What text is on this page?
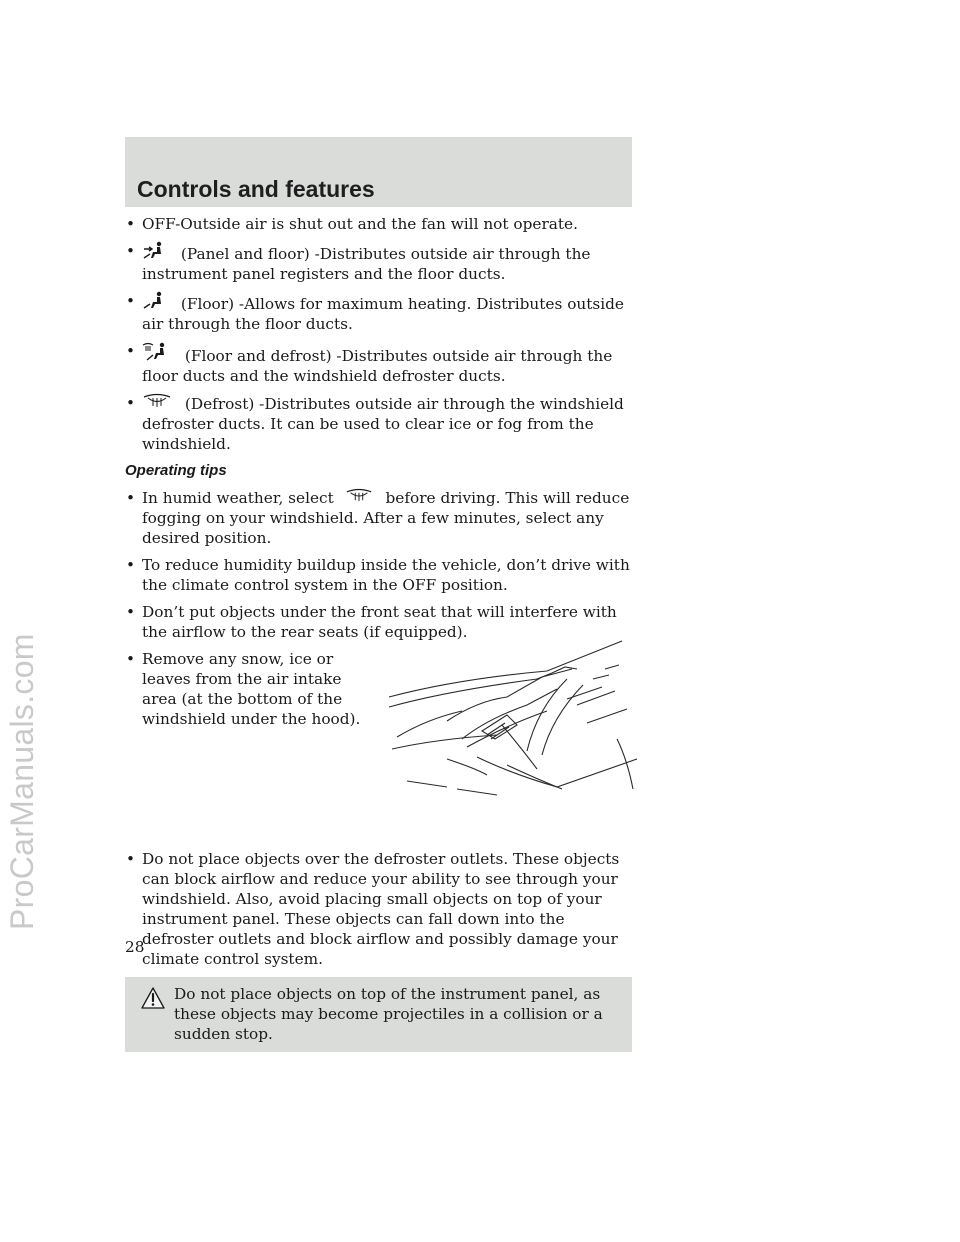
ProCarManuals.com
Controls and features
• OFF-Outside air is shut out and the fan will not operate.
•	(Panel and floor) -Distributes outside air through the instrument panel registers and the floor ducts.
•	(Floor) -Allows for maximum heating. Distributes outside air through the floor ducts.
•	(Floor and defrost) -Distributes outside air through the floor ducts and the windshield defroster ducts.
•	(Defrost) -Distributes outside air through the windshield defroster ducts. It can be used to clear ice or fog from the windshield.
Operating tips
• In humid weather, select	before driving. This will reduce fogging on your windshield. After a few minutes, select any desired position.
• To reduce humidity buildup inside the vehicle, don’t drive with the climate control system in the OFF position.
• Don’t put objects under the front seat that will interfere with the airflow to the rear seats (if equipped).
• Remove any snow, ice or leaves from the air intake area (at the bottom of the windshield under the hood).
• Do not place objects over the defroster outlets. These objects can block airflow and reduce your ability to see through your windshield. Also, avoid placing small objects on top of your instrument panel. These objects can fall down into the defroster outlets and block airflow and possibly damage your climate control system.
Do not place objects on top of the instrument panel, as these objects may become projectiles in a collision or a sudden stop.
28
